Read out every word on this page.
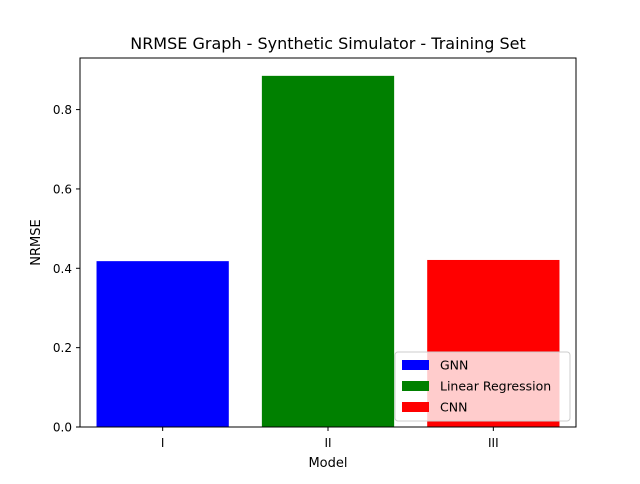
NRMSE Graph - Synthetic Simulator - Training Set
0.0
0.2
0.4
0.6
0.8
I	II	III
Model
NRMSE
GNN
Linear Regression
CNN
